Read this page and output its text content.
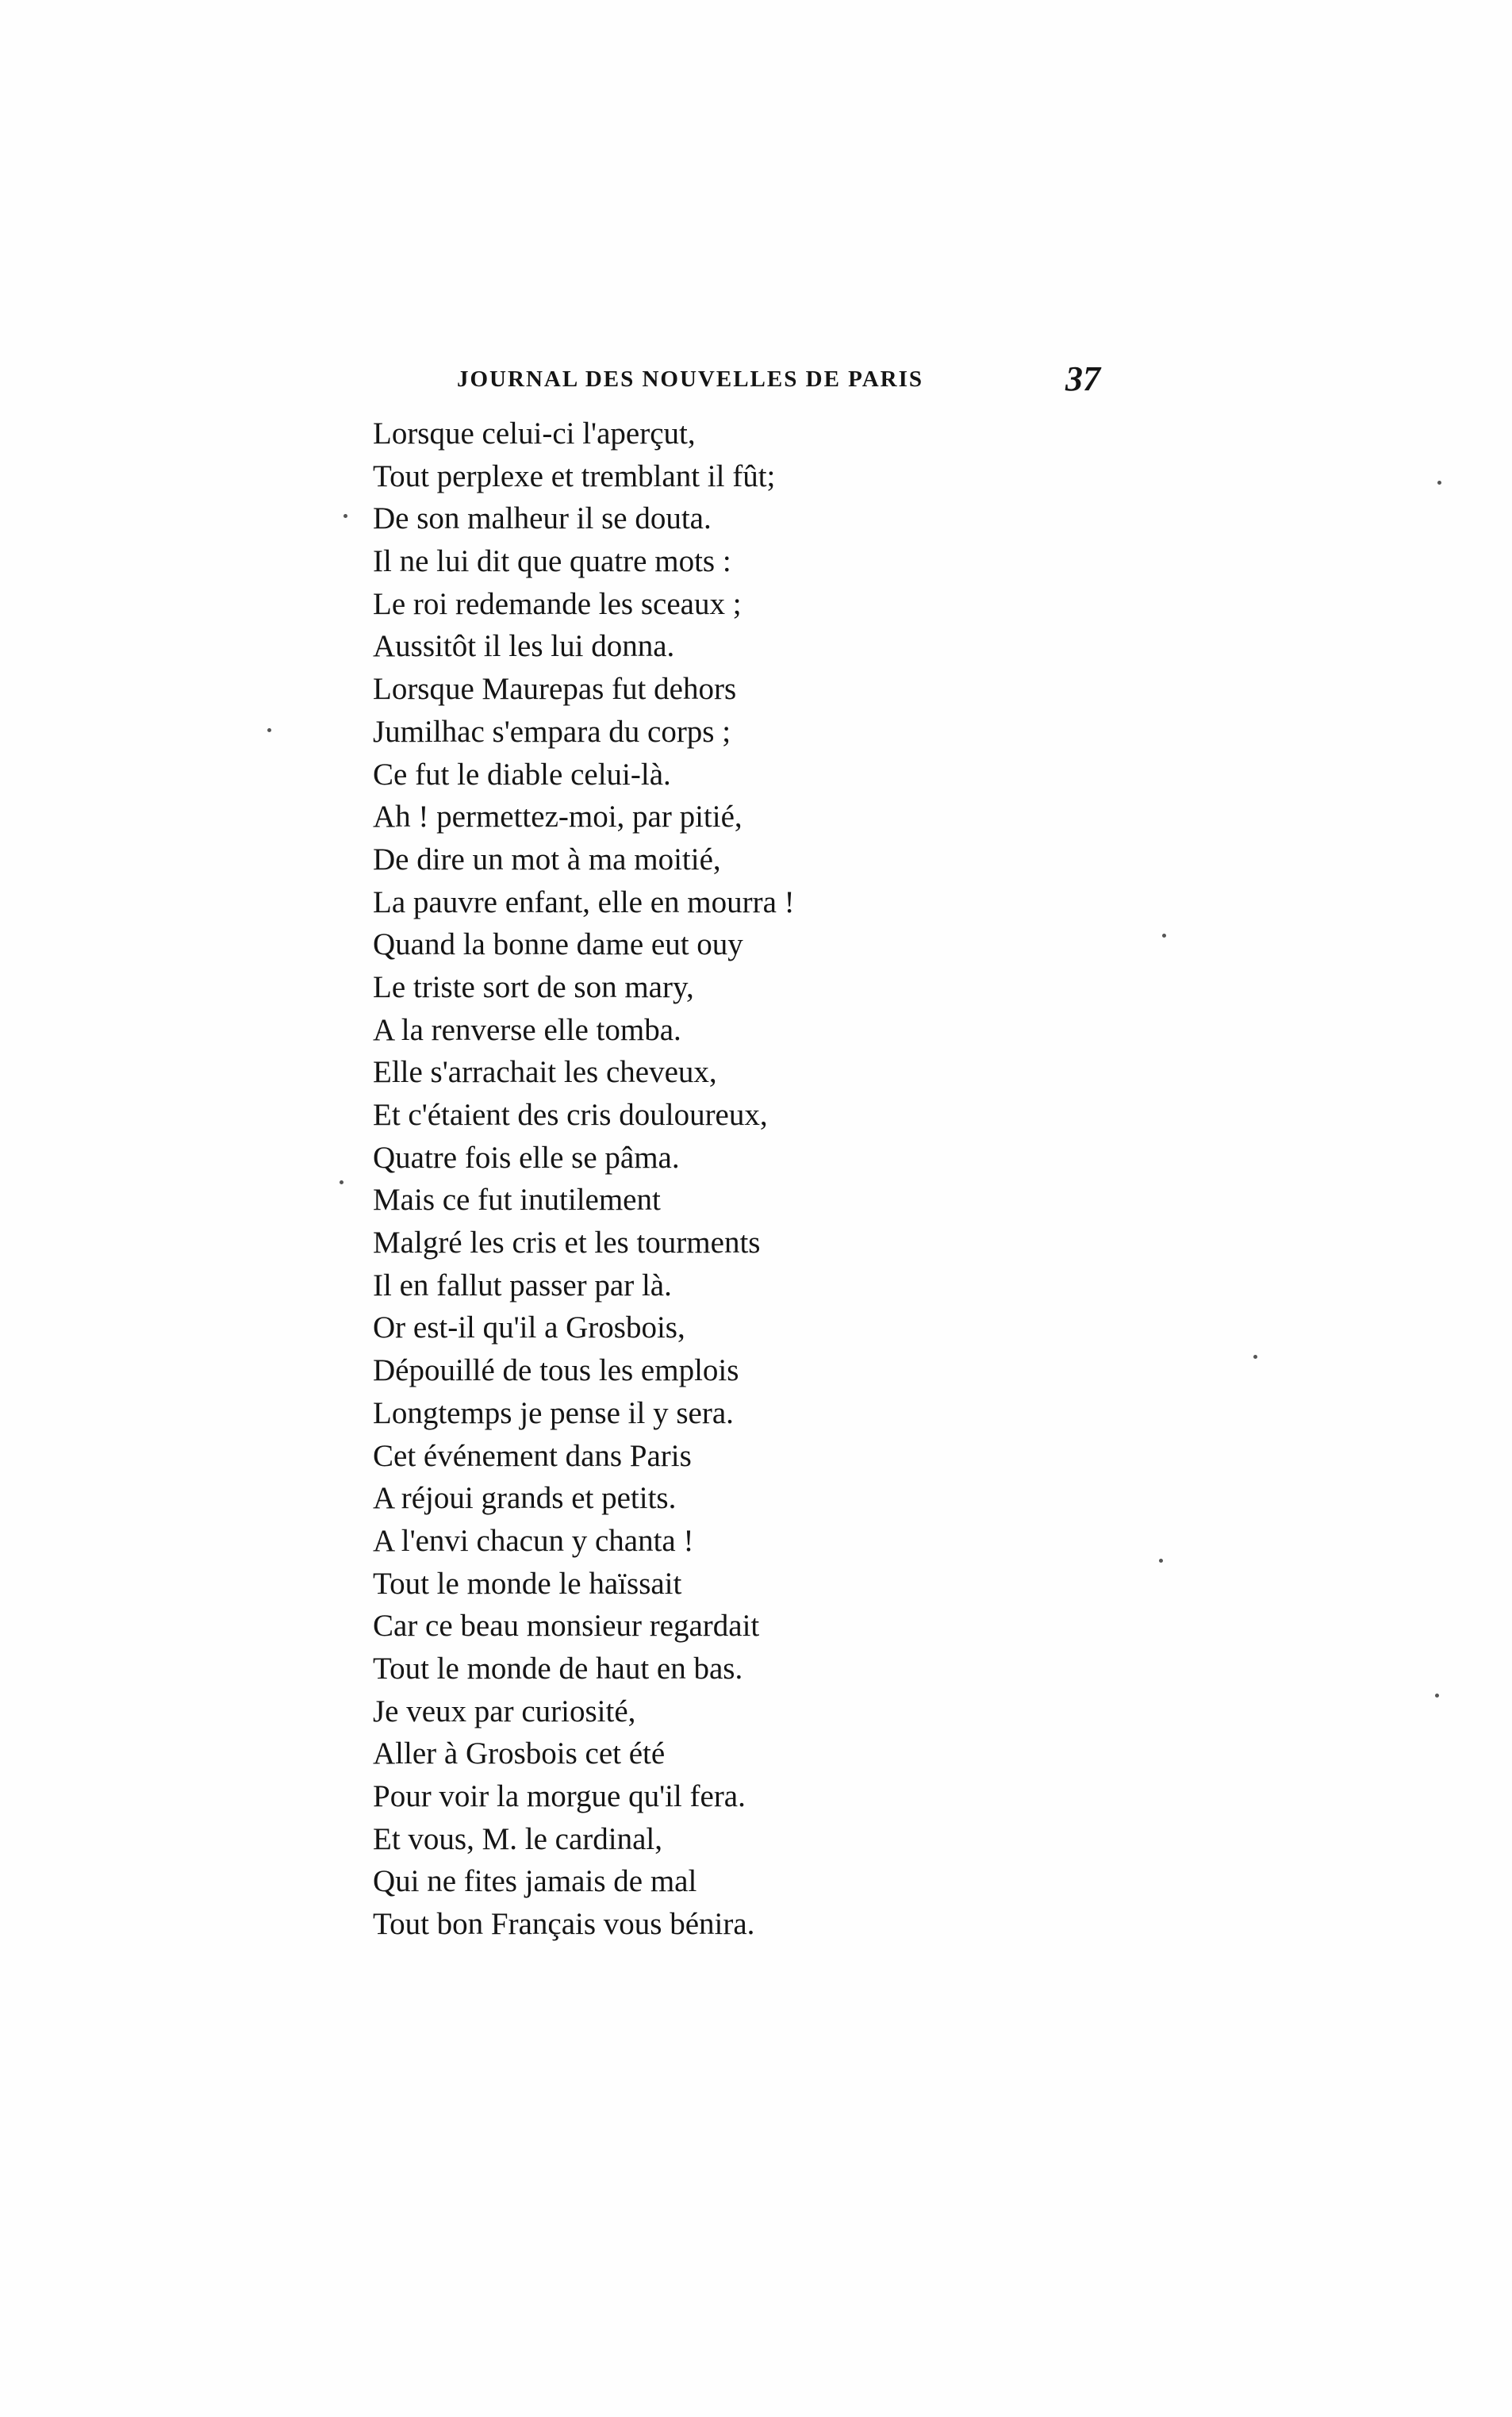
JOURNAL DES NOUVELLES DE PARIS	37
Lorsque celui-ci l'aperçut,
Tout perplexe et tremblant il fût;
De son malheur il se douta.
Il ne lui dit que quatre mots :
Le roi redemande les sceaux ;
Aussitôt il les lui donna.
Lorsque Maurepas fut dehors
Jumilhac s'empara du corps ;
Ce fut le diable celui-là.
Ah ! permettez-moi, par pitié,
De dire un mot à ma moitié,
La pauvre enfant, elle en mourra !
Quand la bonne dame eut ouy
Le triste sort de son mary,
A la renverse elle tomba.
Elle s'arrachait les cheveux,
Et c'étaient des cris douloureux,
Quatre fois elle se pâma.
Mais ce fut inutilement
Malgré les cris et les tourments
Il en fallut passer par là.
Or est-il qu'il a Grosbois,
Dépouillé de tous les emplois
Longtemps je pense il y sera.
Cet événement dans Paris
A réjoui grands et petits.
A l'envi chacun y chanta !
Tout le monde le haïssait
Car ce beau monsieur regardait
Tout le monde de haut en bas.
Je veux par curiosité,
Aller à Grosbois cet été
Pour voir la morgue qu'il fera.
Et vous, M. le cardinal,
Qui ne fites jamais de mal
Tout bon Français vous bénira.
